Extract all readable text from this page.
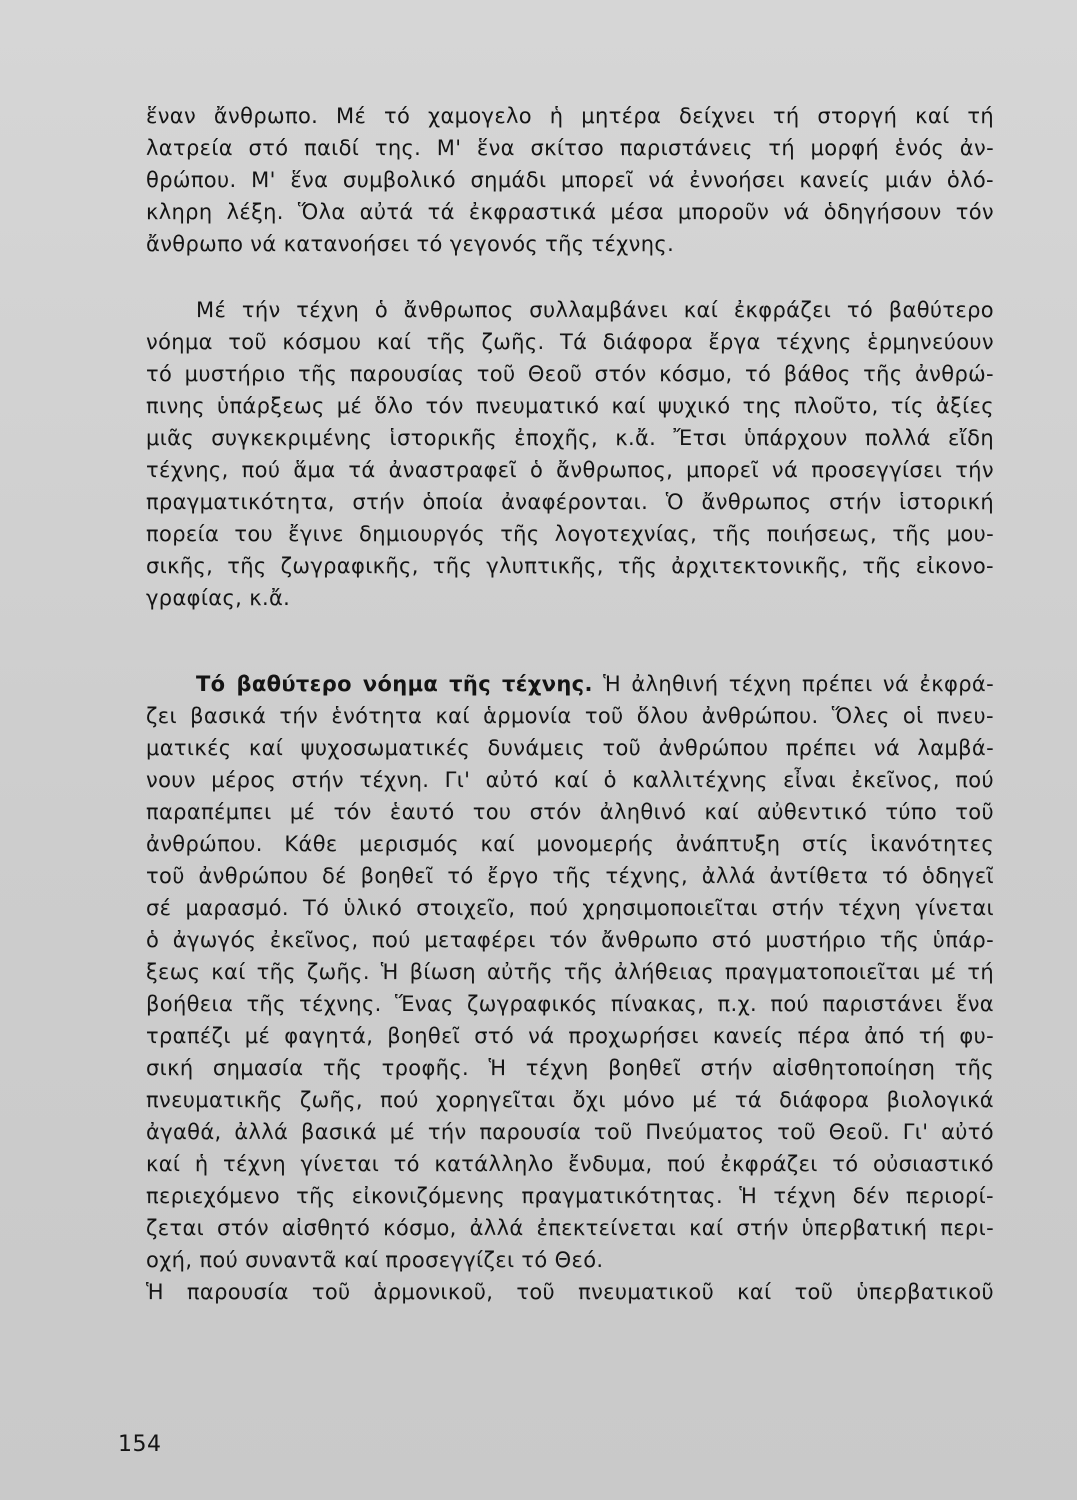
ἕναν ἄνθρωπο. Μέ τό χαμογελο ἡ μητέρα δείχνει τή στοργή καί τή
λατρεία στό παιδί της. Μ' ἕνα σκίτσο παριστάνεις τή μορφή ἑνός ἀν-
θρώπου. Μ' ἕνα συμβολικό σημάδι μπορεῖ νά ἐννοήσει κανείς μιάν ὁλό-
κληρη λέξη. Ὅλα αὐτά τά ἐκφραστικά μέσα μποροῦν νά ὁδηγήσουν τόν
ἄνθρωπο νά κατανοήσει τό γεγονός τῆς τέχνης.
Μέ τήν τέχνη ὁ ἄνθρωπος συλλαμβάνει καί ἐκφράζει τό βαθύτερο
νόημα τοῦ κόσμου καί τῆς ζωῆς. Τά διάφορα ἔργα τέχνης ἑρμηνεύουν
τό μυστήριο τῆς παρουσίας τοῦ Θεοῦ στόν κόσμο, τό βάθος τῆς ἀνθρώ-
πινης ὑπάρξεως μέ ὅλο τόν πνευματικό καί ψυχικό της πλοῦτο, τίς ἀξίες
μιᾶς συγκεκριμένης ἱστορικῆς ἐποχῆς, κ.ἄ. Ἔτσι ὑπάρχουν πολλά εἴδη
τέχνης, πού ἅμα τά ἀναστραφεῖ ὁ ἄνθρωπος, μπορεῖ νά προσεγγίσει τήν
πραγματικότητα, στήν ὁποία ἀναφέρονται. Ὁ ἄνθρωπος στήν ἱστορική
πορεία του ἔγινε δημιουργός τῆς λογοτεχνίας, τῆς ποιήσεως, τῆς μου-
σικῆς, τῆς ζωγραφικῆς, τῆς γλυπτικῆς, τῆς ἀρχιτεκτονικῆς, τῆς εἰκονο-
γραφίας, κ.ἄ.
Τό βαθύτερο νόημα τῆς τέχνης. Ἡ ἀληθινή τέχνη πρέπει νά ἐκφρά-
ζει βασικά τήν ἑνότητα καί ἁρμονία τοῦ ὅλου ἀνθρώπου. Ὅλες οἱ πνευ-
ματικές καί ψυχοσωματικές δυνάμεις τοῦ ἀνθρώπου πρέπει νά λαμβά-
νουν μέρος στήν τέχνη. Γι' αὐτό καί ὁ καλλιτέχνης εἶναι ἐκεῖνος, πού
παραπέμπει μέ τόν ἑαυτό του στόν ἀληθινό καί αὐθεντικό τύπο τοῦ
ἀνθρώπου. Κάθε μερισμός καί μονομερής ἀνάπτυξη στίς ἱκανότητες
τοῦ ἀνθρώπου δέ βοηθεῖ τό ἔργο τῆς τέχνης, ἀλλά ἀντίθετα τό ὁδηγεῖ
σέ μαρασμό. Τό ὑλικό στοιχεῖο, πού χρησιμοποιεῖται στήν τέχνη γίνεται
ὁ ἀγωγός ἐκεῖνος, πού μεταφέρει τόν ἄνθρωπο στό μυστήριο τῆς ὑπάρ-
ξεως καί τῆς ζωῆς. Ἡ βίωση αὐτῆς τῆς ἀλήθειας πραγματοποιεῖται μέ τή
βοήθεια τῆς τέχνης. Ἕνας ζωγραφικός πίνακας, π.χ. πού παριστάνει ἕνα
τραπέζι μέ φαγητά, βοηθεῖ στό νά προχωρήσει κανείς πέρα ἀπό τή φυ-
σική σημασία τῆς τροφῆς. Ἡ τέχνη βοηθεῖ στήν αἰσθητοποίηση τῆς
πνευματικῆς ζωῆς, πού χορηγεῖται ὄχι μόνο μέ τά διάφορα βιολογικά
ἀγαθά, ἀλλά βασικά μέ τήν παρουσία τοῦ Πνεύματος τοῦ Θεοῦ. Γι' αὐτό
καί ἡ τέχνη γίνεται τό κατάλληλο ἔνδυμα, πού ἐκφράζει τό οὐσιαστικό
περιεχόμενο τῆς εἰκονιζόμενης πραγματικότητας. Ἡ τέχνη δέν περιορί-
ζεται στόν αἰσθητό κόσμο, ἀλλά ἐπεκτείνεται καί στήν ὑπερβατική περι-
οχή, πού συναντᾶ καί προσεγγίζει τό Θεό.
Ἡ παρουσία τοῦ ἁρμονικοῦ, τοῦ πνευματικοῦ καί τοῦ ὑπερβατικοῦ
154
